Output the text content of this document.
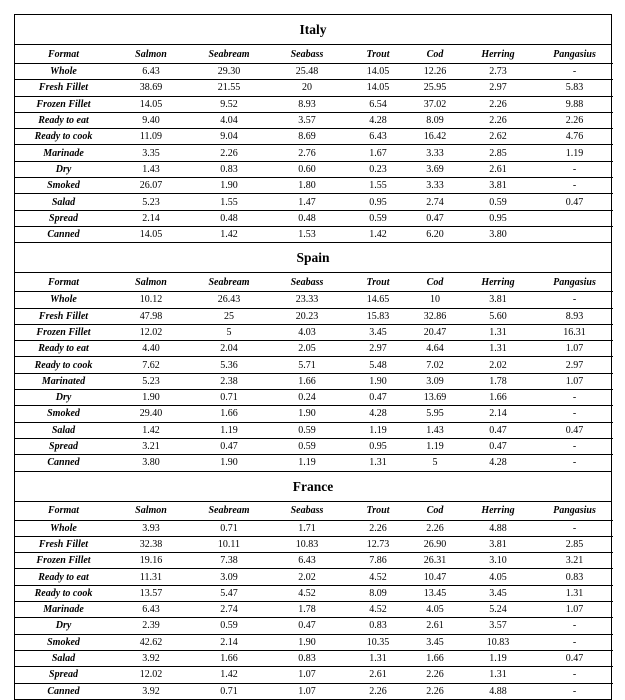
Italy
Format	Salmon	Seabream	Seabass	Trout	Cod	Herring	Pangasius
Whole	6.43	29.30	25.48	14.05	12.26	2.73	-
Fresh Fillet	38.69	21.55	20	14.05	25.95	2.97	5.83
Frozen Fillet	14.05	9.52	8.93	6.54	37.02	2.26	9.88
Ready to eat	9.40	4.04	3.57	4.28	8.09	2.26	2.26
Ready to cook	11.09	9.04	8.69	6.43	16.42	2.62	4.76
Marinade	3.35	2.26	2.76	1.67	3.33	2.85	1.19
Dry	1.43	0.83	0.60	0.23	3.69	2.61	-
Smoked	26.07	1.90	1.80	1.55	3.33	3.81	-
Salad	5.23	1.55	1.47	0.95	2.74	0.59	0.47
Spread	2.14	0.48	0.48	0.59	0.47	0.95	
Canned	14.05	1.42	1.53	1.42	6.20	3.80	
Spain
Format	Salmon	Seabream	Seabass	Trout	Cod	Herring	Pangasius
Whole	10.12	26.43	23.33	14.65	10	3.81	-
Fresh Fillet	47.98	25	20.23	15.83	32.86	5.60	8.93
Frozen Fillet	12.02	5	4.03	3.45	20.47	1.31	16.31
Ready to eat	4.40	2.04	2.05	2.97	4.64	1.31	1.07
Ready to cook	7.62	5.36	5.71	5.48	7.02	2.02	2.97
Marinated	5.23	2.38	1.66	1.90	3.09	1.78	1.07
Dry	1.90	0.71	0.24	0.47	13.69	1.66	-
Smoked	29.40	1.66	1.90	4.28	5.95	2.14	-
Salad	1.42	1.19	0.59	1.19	1.43	0.47	0.47
Spread	3.21	0.47	0.59	0.95	1.19	0.47	-
Canned	3.80	1.90	1.19	1.31	5	4.28	-
France
Format	Salmon	Seabream	Seabass	Trout	Cod	Herring	Pangasius
Whole	3.93	0.71	1.71	2.26	2.26	4.88	-
Fresh Fillet	32.38	10.11	10.83	12.73	26.90	3.81	2.85
Frozen Fillet	19.16	7.38	6.43	7.86	26.31	3.10	3.21
Ready to eat	11.31	3.09	2.02	4.52	10.47	4.05	0.83
Ready to cook	13.57	5.47	4.52	8.09	13.45	3.45	1.31
Marinade	6.43	2.74	1.78	4.52	4.05	5.24	1.07
Dry	2.39	0.59	0.47	0.83	2.61	3.57	-
Smoked	42.62	2.14	1.90	10.35	3.45	10.83	-
Salad	3.92	1.66	0.83	1.31	1.66	1.19	0.47
Spread	12.02	1.42	1.07	2.61	2.26	1.31	-
Canned	3.92	0.71	1.07	2.26	2.26	4.88	-
